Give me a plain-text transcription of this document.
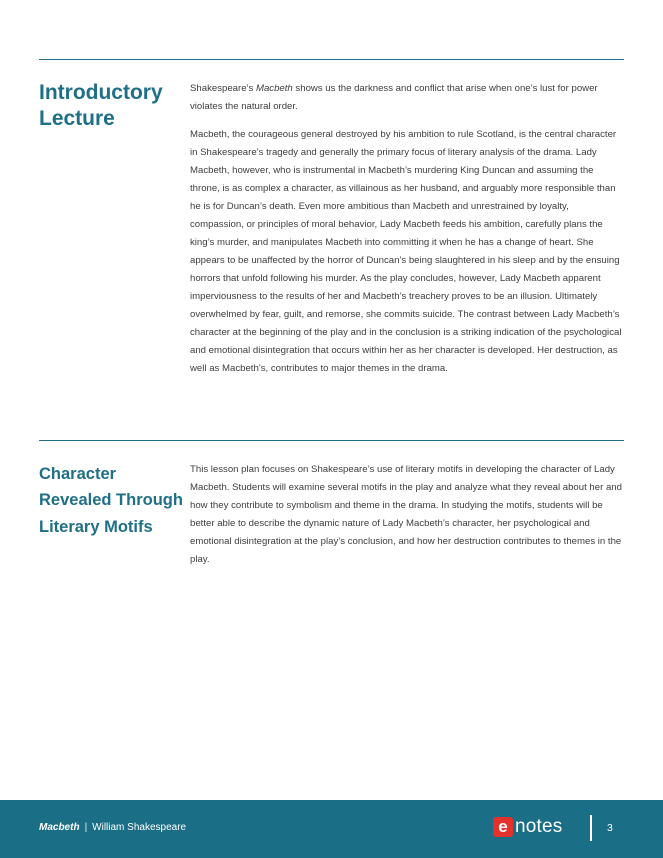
Introductory Lecture

Shakespeare’s Macbeth shows us the darkness and conflict that arise when one’s lust for power violates the natural order.

Macbeth, the courageous general destroyed by his ambition to rule Scotland, is the central character in Shakespeare’s tragedy and generally the primary focus of literary analysis of the drama. Lady Macbeth, however, who is instrumental in Macbeth’s murdering King Duncan and assuming the throne, is as complex a character, as villainous as her husband, and arguably more responsible than he is for Duncan’s death. Even more ambitious than Macbeth and unrestrained by loyalty, compassion, or principles of moral behavior, Lady Macbeth feeds his ambition, carefully plans the king’s murder, and manipulates Macbeth into committing it when he has a change of heart. She appears to be unaffected by the horror of Duncan’s being slaughtered in his sleep and by the ensuing horrors that unfold following his murder. As the play concludes, however, Lady Macbeth apparent imperviousness to the results of her and Macbeth’s treachery proves to be an illusion. Ultimately overwhelmed by fear, guilt, and remorse, she commits suicide. The contrast between Lady Macbeth’s character at the beginning of the play and in the conclusion is a striking indication of the psychological and emotional disintegration that occurs within her as her character is developed. Her destruction, as well as Macbeth’s, contributes to major themes in the drama.

Character Revealed Through Literary Motifs

This lesson plan focuses on Shakespeare’s use of literary motifs in developing the character of Lady Macbeth. Students will examine several motifs in the play and analyze what they reveal about her and how they contribute to symbolism and theme in the drama. In studying the motifs, students will be better able to describe the dynamic nature of Lady Macbeth’s character, her psychological and emotional disintegration at the play’s conclusion, and how her destruction contributes to themes in the play.

Macbeth | William Shakespeare	e notes	3
